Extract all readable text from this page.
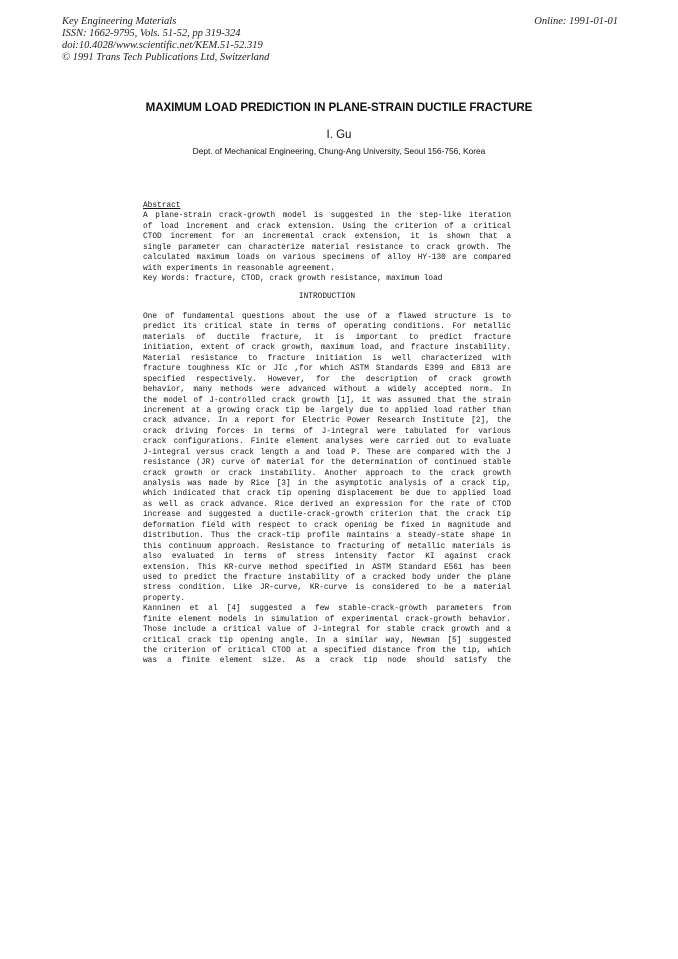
Key Engineering Materials
ISSN: 1662-9795, Vols. 51-52, pp 319-324
doi:10.4028/www.scientific.net/KEM.51-52.319
© 1991 Trans Tech Publications Ltd, Switzerland
Online: 1991-01-01
MAXIMUM LOAD PREDICTION IN PLANE-STRAIN DUCTILE FRACTURE
I. Gu
Dept. of Mechanical Engineering, Chung-Ang University, Seoul 156-756, Korea
Abstract
A plane-strain crack-growth model is suggested in the step-like iteration
of load increment and crack extension. Using the criterion of a critical
CTOD increment for an incremental crack extension, it is shown that a
single parameter can characterize material resistance to crack growth. The
calculated maximum loads on various specimens of alloy HY-130 are compared
with experiments in reasonable agreement.
Key Words: fracture, CTOD, crack growth resistance, maximum load
INTRODUCTION
One of fundamental questions about the use of a flawed structure is to
predict its critical state in terms of operating conditions. For metallic
materials of ductile fracture, it is important to predict fracture
initiation, extent of crack growth, maximum load, and fracture instability.
Material resistance to fracture initiation is well characterized with
fracture toughness KIc or JIc ,for which ASTM Standards E399 and E813 are
specified respectively. However, for the description of crack growth
behavior, many methods were advanced without a widely accepted norm. In
the model of J-controlled crack growth [1], it was assumed that the strain
increment at a growing crack tip be largely due to applied load rather than
crack advance. In a report for Electric Power Research Institute [2], the
crack driving forces in terms of J-integral were tabulated for various
crack configurations. Finite element analyses were carried out to evaluate
J-integral versus crack length a and load P. These are compared with the J
resistance (JR) curve of material for the determination of continued stable
crack growth or crack instability. Another approach to the crack growth
analysis was made by Rice [3] in the asymptotic analysis of a crack tip,
which indicated that crack tip opening displacement be due to applied load
as well as crack advance. Rice derived an expression for the rate of CTOD
increase and suggested a ductile-crack-growth criterion that the crack tip
deformation field with respect to crack opening be fixed in magnitude and
distribution. Thus the crack-tip profile maintains a steady-state shape in
this continuum approach. Resistance to fracturing of metallic materials is
also evaluated in terms of stress intensity factor KI against crack
extension. This KR-curve method specified in ASTM Standard E561 has been
used to predict the fracture instability of a cracked body under the plane
stress condition. Like JR-curve, KR-curve is considered to be a material
property.
Kanninen et al [4] suggested a few stable-crack-growth parameters from
finite element models in simulation of experimental crack-growth behavior.
Those include a critical value of J-integral for stable crack growth and a
critical crack tip opening angle. In a similar way, Newman [5] suggested
the criterion of critical CTOD at a specified distance from the tip, which
was a finite element size. As a crack tip node should satisfy the
